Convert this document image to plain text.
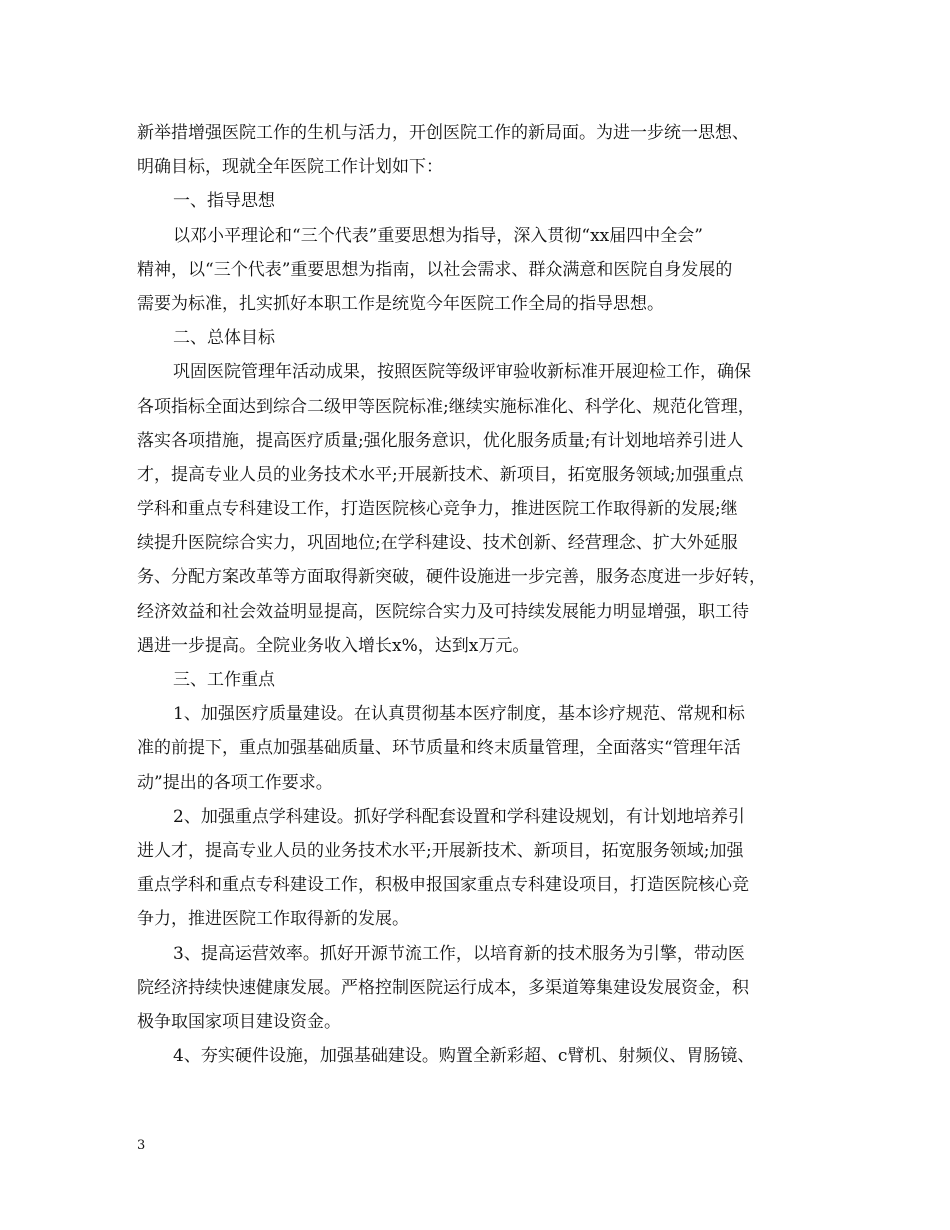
新举措增强医院工作的生机与活力，开创医院工作的新局面。为进一步统一思想、
明确目标，现就全年医院工作计划如下：
一、指导思想
以邓小平理论和“三个代表”重要思想为指导，深入贯彻“xx届四中全会”
精神，以“三个代表”重要思想为指南，以社会需求、群众满意和医院自身发展的
需要为标准，扎实抓好本职工作是统览今年医院工作全局的指导思想。
二、总体目标
巩固医院管理年活动成果，按照医院等级评审验收新标准开展迎检工作，确保
各项指标全面达到综合二级甲等医院标准;继续实施标准化、科学化、规范化管理，
落实各项措施，提高医疗质量;强化服务意识，优化服务质量;有计划地培养引进人
才，提高专业人员的业务技术水平;开展新技术、新项目，拓宽服务领域;加强重点
学科和重点专科建设工作，打造医院核心竞争力，推进医院工作取得新的发展;继
续提升医院综合实力，巩固地位;在学科建设、技术创新、经营理念、扩大外延服
务、分配方案改革等方面取得新突破，硬件设施进一步完善，服务态度进一步好转，
经济效益和社会效益明显提高，医院综合实力及可持续发展能力明显增强，职工待
遇进一步提高。全院业务收入增长x%，达到x万元。
三、工作重点
1、加强医疗质量建设。在认真贯彻基本医疗制度，基本诊疗规范、常规和标
准的前提下，重点加强基础质量、环节质量和终末质量管理，全面落实“管理年活
动”提出的各项工作要求。
2、加强重点学科建设。抓好学科配套设置和学科建设规划，有计划地培养引
进人才，提高专业人员的业务技术水平;开展新技术、新项目，拓宽服务领域;加强
重点学科和重点专科建设工作，积极申报国家重点专科建设项目，打造医院核心竞
争力，推进医院工作取得新的发展。
3、提高运营效率。抓好开源节流工作，以培育新的技术服务为引擎，带动医
院经济持续快速健康发展。严格控制医院运行成本，多渠道筹集建设发展资金，积
极争取国家项目建设资金。
4、夯实硬件设施，加强基础建设。购置全新彩超、c臂机、射频仪、胃肠镜、
3
